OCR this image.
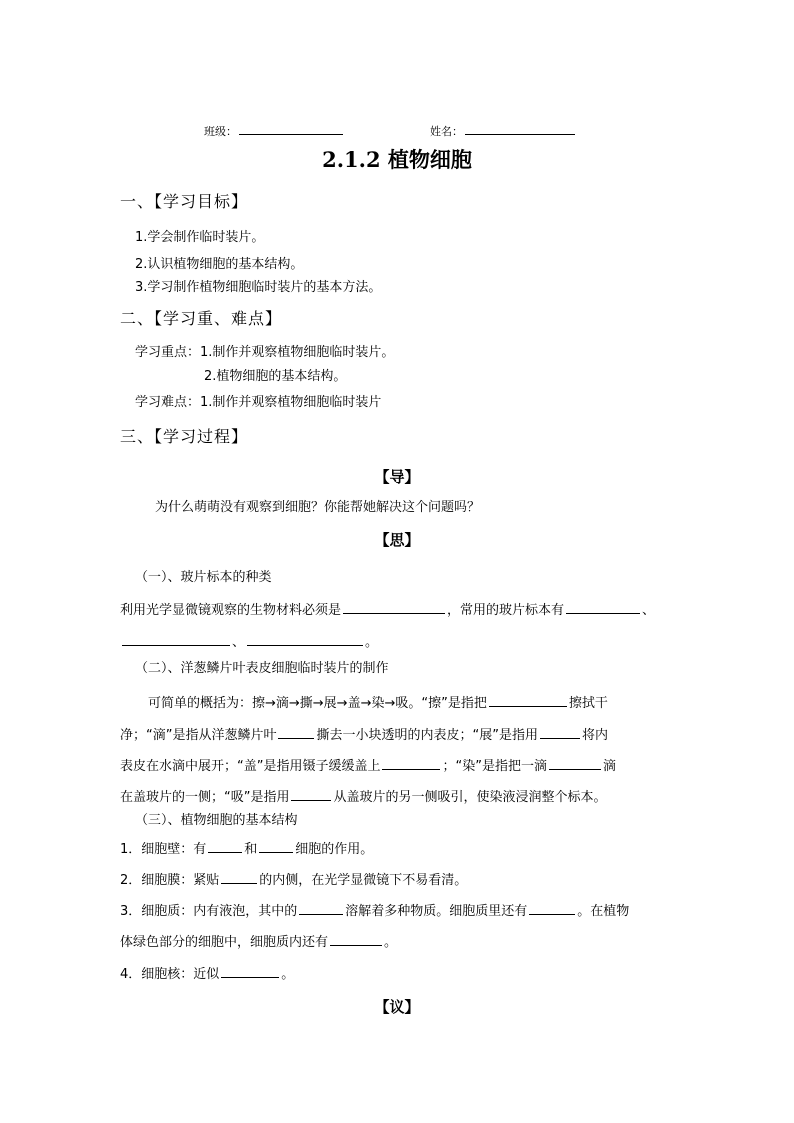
班级：	姓名：
2.1.2 植物细胞
一、【学习目标】
1.学会制作临时装片。
2.认识植物细胞的基本结构。
3.学习制作植物细胞临时装片的基本方法。
二、【学习重、难点】
学习重点：1.制作并观察植物细胞临时装片。
2.植物细胞的基本结构。
学习难点：1.制作并观察植物细胞临时装片
三、【学习过程】
【导】
为什么萌萌没有观察到细胞？你能帮她解决这个问题吗？
【思】
（一）、玻片标本的种类
利用光学显微镜观察的生物材料必须是	，常用的玻片标本有	、
、	。
（二）、洋葱鳞片叶表皮细胞临时装片的制作
可简单的概括为：擦→滴→撕→展→盖→染→吸。“擦”是指把	擦拭干
净；“滴”是指从洋葱鳞片叶	撕去一小块透明的内表皮；“展”是指用	将内
表皮在水滴中展开；“盖”是指用镊子缓缓盖上	；“染”是指把一滴	滴
在盖玻片的一侧；“吸”是指用	从盖玻片的另一侧吸引，使染液浸润整个标本。
（三）、植物细胞的基本结构
1．细胞壁：有	和	细胞的作用。
2．细胞膜：紧贴	的内侧，在光学显微镜下不易看清。
3．细胞质：内有液泡，其中的	溶解着多种物质。细胞质里还有	。在植物
体绿色部分的细胞中，细胞质内还有	。
4．细胞核：近似	。
【议】
